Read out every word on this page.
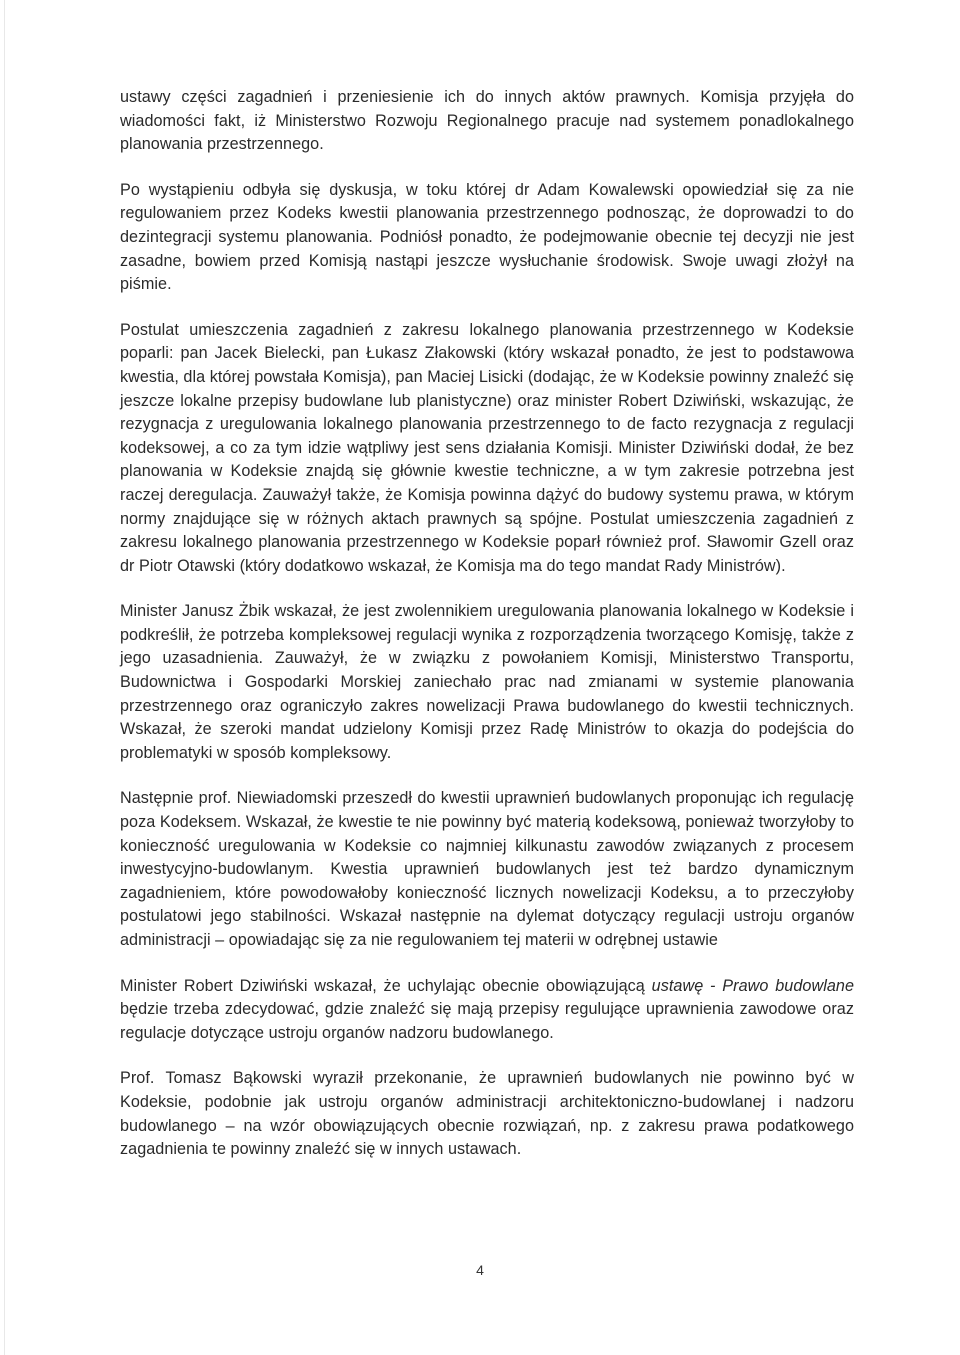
ustawy części zagadnień i przeniesienie ich do innych aktów prawnych. Komisja przyjęła do wiadomości fakt, iż Ministerstwo Rozwoju Regionalnego pracuje nad systemem ponadlokalnego planowania przestrzennego.

Po wystąpieniu odbyła się dyskusja, w toku której dr Adam Kowalewski opowiedział się za nie regulowaniem przez Kodeks kwestii planowania przestrzennego podnosząc, że doprowadzi to do dezintegracji systemu planowania. Podniósł ponadto, że podejmowanie obecnie tej decyzji nie jest zasadne, bowiem przed Komisją nastąpi jeszcze wysłuchanie środowisk. Swoje uwagi złożył na piśmie.

Postulat umieszczenia zagadnień z zakresu lokalnego planowania przestrzennego w Kodeksie poparli: pan Jacek Bielecki, pan Łukasz Złakowski (który wskazał ponadto, że jest to podstawowa kwestia, dla której powstała Komisja), pan Maciej Lisicki (dodając, że w Kodeksie powinny znaleźć się jeszcze lokalne przepisy budowlane lub planistyczne) oraz minister Robert Dziwiński, wskazując, że rezygnacja z uregulowania lokalnego planowania przestrzennego to de facto rezygnacja z regulacji kodeksowej, a co za tym idzie wątpliwy jest sens działania Komisji. Minister Dziwiński dodał, że bez planowania w Kodeksie znajdą się głównie kwestie techniczne, a w tym zakresie potrzebna jest raczej deregulacja. Zauważył także, że Komisja powinna dążyć do budowy systemu prawa, w którym normy znajdujące się w różnych aktach prawnych są spójne. Postulat umieszczenia zagadnień z zakresu lokalnego planowania przestrzennego w Kodeksie poparł również prof. Sławomir Gzell oraz dr Piotr Otawski (który dodatkowo wskazał, że Komisja ma do tego mandat Rady Ministrów).

Minister Janusz Żbik wskazał, że jest zwolennikiem uregulowania planowania lokalnego w Kodeksie i podkreślił, że potrzeba kompleksowej regulacji wynika z rozporządzenia tworzącego Komisję, także z jego uzasadnienia. Zauważył, że w związku z powołaniem Komisji, Ministerstwo Transportu, Budownictwa i Gospodarki Morskiej zaniechało prac nad zmianami w systemie planowania przestrzennego oraz ograniczyło zakres nowelizacji Prawa budowlanego do kwestii technicznych. Wskazał, że szeroki mandat udzielony Komisji przez Radę Ministrów to okazja do podejścia do problematyki w sposób kompleksowy.

Następnie prof. Niewiadomski przeszedł do kwestii uprawnień budowlanych proponując ich regulację poza Kodeksem. Wskazał, że kwestie te nie powinny być materią kodeksową, ponieważ tworzyłoby to konieczność uregulowania w Kodeksie co najmniej kilkunastu zawodów związanych z procesem inwestycyjno-budowlanym. Kwestia uprawnień budowlanych jest też bardzo dynamicznym zagadnieniem, które powodowałoby konieczność licznych nowelizacji Kodeksu, a to przeczyłoby postulatowi jego stabilności. Wskazał następnie na dylemat dotyczący regulacji ustroju organów administracji – opowiadając się za nie regulowaniem tej materii w odrębnej ustawie

Minister Robert Dziwiński wskazał, że uchylając obecnie obowiązującą ustawę - Prawo budowlane będzie trzeba zdecydować, gdzie znaleźć się mają przepisy regulujące uprawnienia zawodowe oraz regulacje dotyczące ustroju organów nadzoru budowlanego.

Prof. Tomasz Bąkowski wyraził przekonanie, że uprawnień budowlanych nie powinno być w Kodeksie, podobnie jak ustroju organów administracji architektoniczno-budowlanej i nadzoru budowlanego – na wzór obowiązujących obecnie rozwiązań, np. z zakresu prawa podatkowego zagadnienia te powinny znaleźć się w innych ustawach.

4
